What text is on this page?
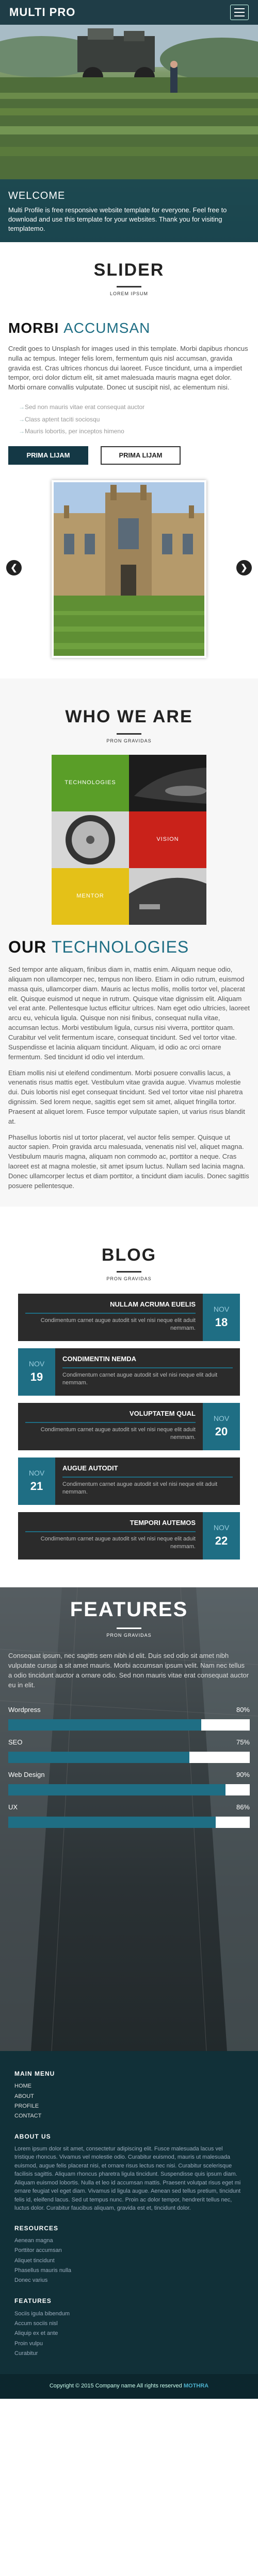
MULTI PRO
WELCOME

Multi Profile is free responsive website template for everyone. Feel free to download and use this template for your websites. Thank you for visiting templatemo.

SLIDER
LOREM IPSUM
MORBI ACCUMSAN

Credit goes to Unsplash for images used in this template. Morbi dapibus rhoncus nulla ac tempus. Integer felis lorem, fermentum quis nisl accumsan, gravida gravida est. Cras ultrices rhoncus dui laoreet. Fusce tincidunt, urna a imperdiet tempor, orci dolor dictum elit, sit amet malesuada mauris magna eget dolor. Morbi ornare convallis vulputate. Donec ut suscipit nisl, ac elementum nisi.

→ Sed non mauris vitae erat consequat auctor
→ Class aptent taciti sociosqu
→ Mauris lobortis, per inceptos himeno
PRIMA LIJAM	PRIMA LIJAM
❮	❯
WHO WE ARE
PRON GRAVIDAS
TECHNOLOGIES
VISION
MENTOR
OUR TECHNOLOGIES

Sed tempor ante aliquam, finibus diam in, mattis enim. Aliquam neque odio, aliquam non ullamcorper nec, tempus non libero. Etiam in odio rutrum, euismod massa quis, ullamcorper diam. Mauris ac lectus mollis, mollis tortor vel, placerat elit. Quisque euismod ut neque in rutrum. Quisque vitae dignissim elit. Aliquam vel erat ante. Pellentesque luctus efficitur ultrices. Nam eget odio ultricies, laoreet arcu eu, vehicula ligula. Quisque non nisi finibus, consequat nulla vitae, accumsan lectus. Morbi vestibulum ligula, cursus nisi viverra, porttitor quam. Curabitur vel velit fermentum iscare, consequat tincidunt. Sed vel tortor vitae. Suspendisse et lacinia aliquam tincidunt. Aliquam, id odio ac orci ornare fermentum. Sed tincidunt id odio vel interdum.

Etiam mollis nisi ut eleifend condimentum. Morbi posuere convallis lacus, a venenatis risus mattis eget. Vestibulum vitae gravida augue. Vivamus molestie dui. Duis lobortis nisl eget consequat tincidunt. Sed vel tortor vitae nisl pharetra dignissim. Sed lorem neque, sagittis eget sem sit amet, aliquet fringilla tortor. Praesent at aliquet lorem. Fusce tempor vulputate sapien, ut varius risus blandit at.

Phasellus lobortis nisl ut tortor placerat, vel auctor felis semper. Quisque ut auctor sapien. Proin gravida arcu malesuada, venenatis nisl vel, aliquet magna. Vestibulum mauris magna, aliquam non commodo ac, porttitor a neque. Cras laoreet est at magna molestie, sit amet ipsum luctus. Nullam sed lacinia magna. Donec ullamcorper lectus et diam porttitor, a tincidunt diam iaculis. Donec sagittis posuere pellentesque.

BLOG
PRON GRAVIDAS
NULLAM ACRUMA EUELIS
Condimentum carnet augue autodit sit vel nisi neque elit aduit nemmam.
NOV
18
CONDIMENTIN NEMDA
Condimentum carnet augue autodit sit vel nisi neque elit aduit nemmam.
NOV
19
VOLUPTATEM QUAL
Condimentum carnet augue autodit sit vel nisi neque elit aduit nemmam.
NOV
20
AUGUE AUTODIT
Condimentum carnet augue autodit sit vel nisi neque elit aduit nemmam.
NOV
21
TEMPORI AUTEMOS
Condimentum carnet augue autodit sit vel nisi neque elit aduit nemmam.
NOV
22
FEATURES
PRON GRAVIDAS
Consequat ipsum, nec sagittis sem nibh id elit. Duis sed odio sit amet nibh vulputate cursus a sit amet mauris. Morbi accumsan ipsum velit. Nam nec tellus a odio tincidunt auctor a ornare odio. Sed non mauris vitae erat consequat auctor eu in elit.
Wordpress	80%
SEO	75%
Web Design	90%
UX	86%
MAIN MENU
HOME
ABOUT
PROFILE
CONTACT
ABOUT US

Lorem ipsum dolor sit amet, consectetur adipiscing elit. Fusce malesuada lacus vel tristique rhoncus. Vivamus vel molestie odio. Curabitur euismod, mauris ut malesuada euismod, augue felis placerat nisi, et ornare risus lectus nec nisi. Curabitur scelerisque facilisis sagittis. Aliquam rhoncus pharetra ligula tincidunt. Suspendisse quis ipsum diam. Aliquam euismod lobortis. Nulla et leo id accumsan mattis. Praesent volutpat risus eget mi ornare feugiat vel eget diam. Vivamus id ligula augue. Aenean sed tellus pretium, tincidunt felis id, eleifend lacus. Sed ut tempus nunc. Proin ac dolor tempor, hendrerit tellus nec, luctus dolor. Curabitur faucibus aliquam, gravida est et, tincidunt dolor.

RESOURCES
Aenean magna
Porttitor accumsan
Aliquet tincidunt
Phasellus mauris nulla
Donec varius
FEATURES
Sociis igula bibendum
Accum sociis nisl
Aliquip ex et ante
Proin vulpu
Curabitur
Copyright © 2015 Company name All rights reserved MOTHRA
